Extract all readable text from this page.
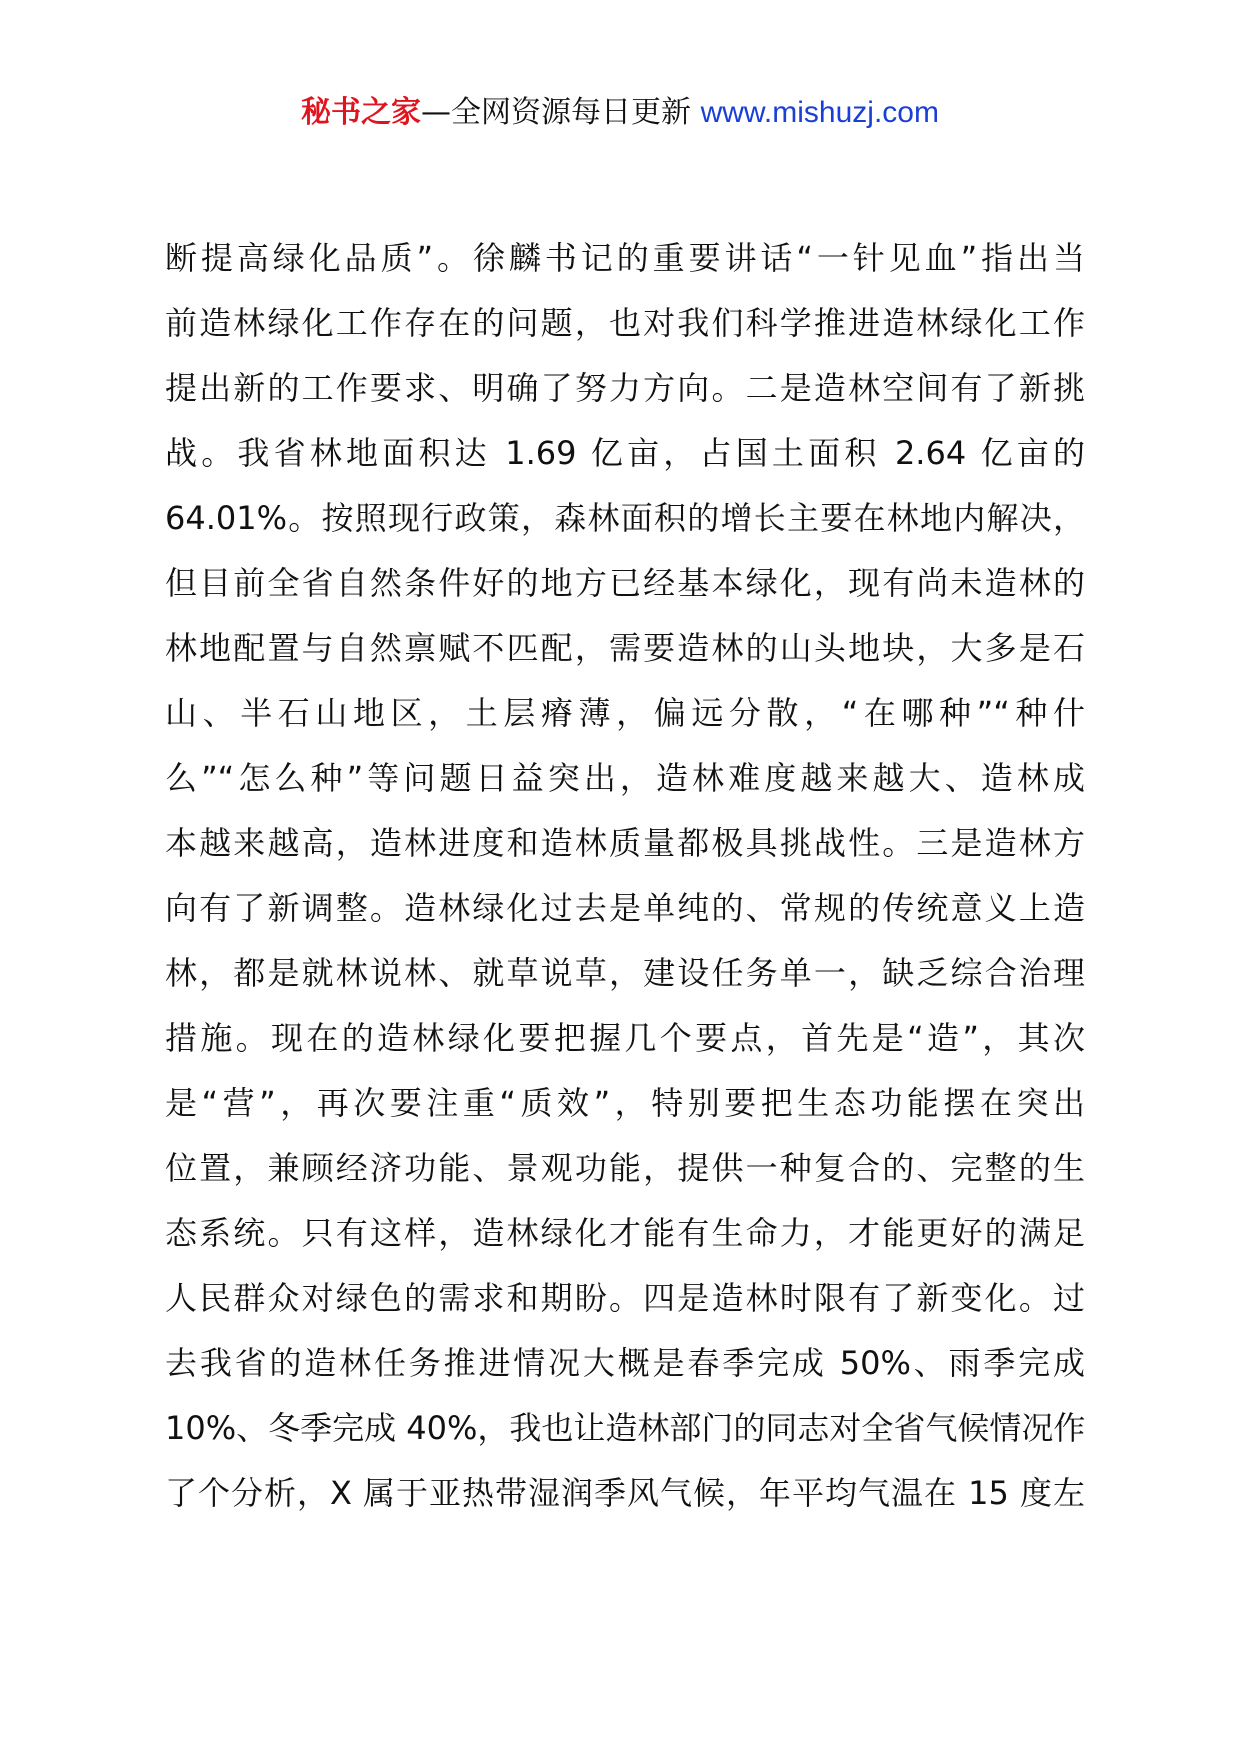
秘书之家—全网资源每日更新 www.mishuzj.com
断提高绿化品质”。徐麟书记的重要讲话“一针见血”指出当
前造林绿化工作存在的问题，也对我们科学推进造林绿化工作
提出新的工作要求、明确了努力方向。二是造林空间有了新挑
战。我省林地面积达 1.69 亿亩，占国土面积 2.64 亿亩的
64.01%。按照现行政策，森林面积的增长主要在林地内解决，
但目前全省自然条件好的地方已经基本绿化，现有尚未造林的
林地配置与自然禀赋不匹配，需要造林的山头地块，大多是石
山、半石山地区，土层瘠薄，偏远分散，“在哪种”“种什
么”“怎么种”等问题日益突出，造林难度越来越大、造林成
本越来越高，造林进度和造林质量都极具挑战性。三是造林方
向有了新调整。造林绿化过去是单纯的、常规的传统意义上造
林，都是就林说林、就草说草，建设任务单一，缺乏综合治理
措施。现在的造林绿化要把握几个要点，首先是“造”，其次
是“营”，再次要注重“质效”，特别要把生态功能摆在突出
位置，兼顾经济功能、景观功能，提供一种复合的、完整的生
态系统。只有这样，造林绿化才能有生命力，才能更好的满足
人民群众对绿色的需求和期盼。四是造林时限有了新变化。过
去我省的造林任务推进情况大概是春季完成 50%、雨季完成
10%、冬季完成 40%，我也让造林部门的同志对全省气候情况作
了个分析，X 属于亚热带湿润季风气候，年平均气温在 15 度左
